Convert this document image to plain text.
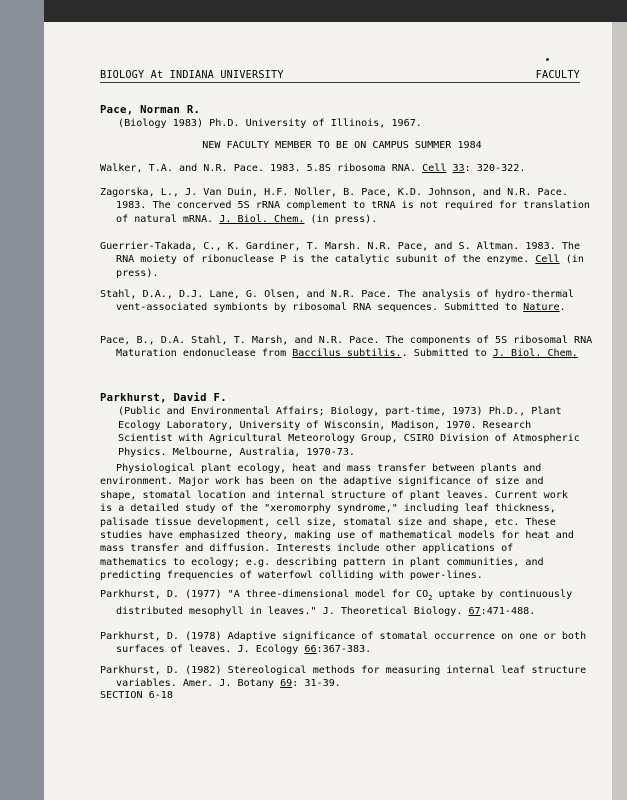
BIOLOGY At INDIANA UNIVERSITY	FACULTY
Pace, Norman R.
(Biology 1983) Ph.D. University of Illinois, 1967.
NEW FACULTY MEMBER TO BE ON CAMPUS SUMMER 1984
Walker, T.A. and N.R. Pace. 1983. 5.8S ribosoma RNA. Cell 33: 320-322.
Zagorska, L., J. Van Duin, H.F. Noller, B. Pace, K.D. Johnson, and N.R. Pace. 1983. The concerved 5S rRNA complement to tRNA is not required for translation of natural mRNA. J. Biol. Chem. (in press).
Guerrier-Takada, C., K. Gardiner, T. Marsh. N.R. Pace, and S. Altman. 1983. The RNA moiety of ribonuclease P is the catalytic subunit of the enzyme. Cell (in press).
Stahl, D.A., D.J. Lane, G. Olsen, and N.R. Pace. The analysis of hydro-thermal vent-associated symbionts by ribosomal RNA sequences. Submitted to Nature.
Pace, B., D.A. Stahl, T. Marsh, and N.R. Pace. The components of 5S ribosomal RNA Maturation endonuclease from Baccilus subtilis.. Submitted to J. Biol. Chem.
Parkhurst, David F.
(Public and Environmental Affairs; Biology, part-time, 1973) Ph.D., Plant Ecology Laboratory, University of Wisconsin, Madison, 1970. Research Scientist with Agricultural Meteorology Group, CSIRO Division of Atmospheric Physics. Melbourne, Australia, 1970-73.
Physiological plant ecology, heat and mass transfer between plants and environment. Major work has been on the adaptive significance of size and shape, stomatal location and internal structure of plant leaves. Current work is a detailed study of the "xeromorphy syndrome," including leaf thickness, palisade tissue development, cell size, stomatal size and shape, etc. These studies have emphasized theory, making use of mathematical models for heat and mass transfer and diffusion. Interests include other applications of mathematics to ecology; e.g. describing pattern in plant communities, and predicting frequencies of waterfowl colliding with power-lines.
Parkhurst, D. (1977) "A three-dimensional model for $CO_2$ uptake by continuously distributed mesophyll in leaves." J. Theoretical Biology. 67:471-488.
Parkhurst, D. (1978) Adaptive significance of stomatal occurrence on one or both surfaces of leaves. J. Ecology 66:367-383.
Parkhurst, D. (1982) Stereological methods for measuring internal leaf structure variables. Amer. J. Botany 69: 31-39.
SECTION 6-18
